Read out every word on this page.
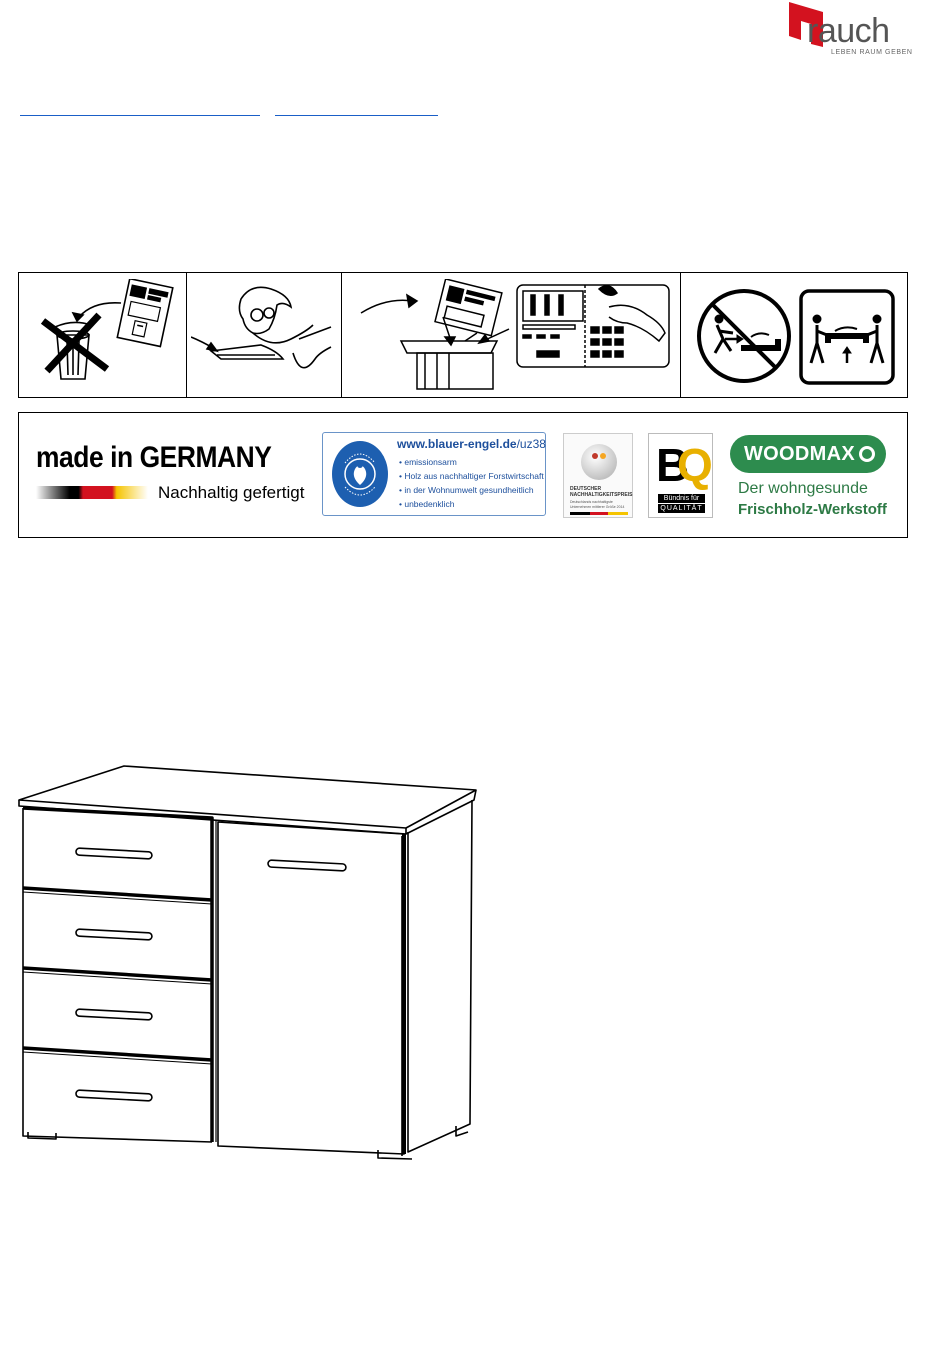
rauch
LEBEN RAUM GEBEN
made in GERMANY
Nachhaltig gefertigt
www.blauer-engel.de/uz38
• emissionsarm
• Holz aus nachhaltiger Forstwirtschaft
• in der Wohnumwelt gesundheitlich
• unbedenklich
DEUTSCHER NACHHALTIGKEITSPREIS
Deutschlands nachhaltigste Unternehmen mittlerer Größe 2014
B
Q
Bündnis für
QUALITÄT
WOODMAX
Der wohngesunde
Frischholz-Werkstoff
